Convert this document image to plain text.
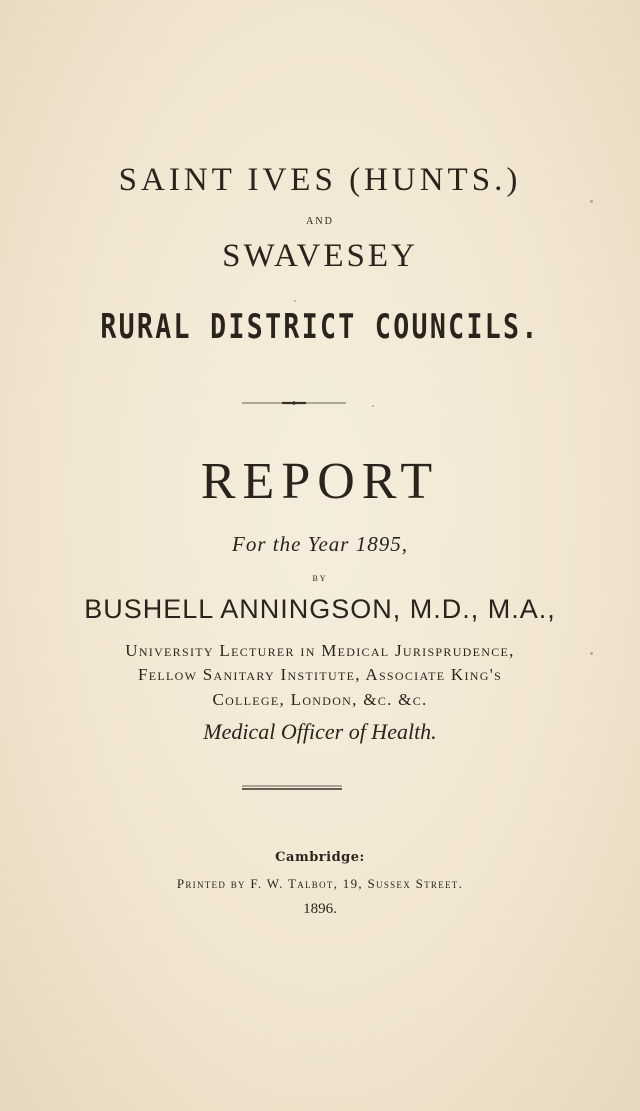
SAINT IVES (HUNTS.)
AND
SWAVESEY
RURAL DISTRICT COUNCILS.
REPORT
For the Year 1895,
BY
BUSHELL ANNINGSON, M.D., M.A.,
University Lecturer in Medical Jurisprudence,
Fellow Sanitary Institute, Associate King's
College, London, &c. &c.
Medical Officer of Health.
Cambridge:
Printed by F. W. Talbot, 19, Sussex Street.
1896.
